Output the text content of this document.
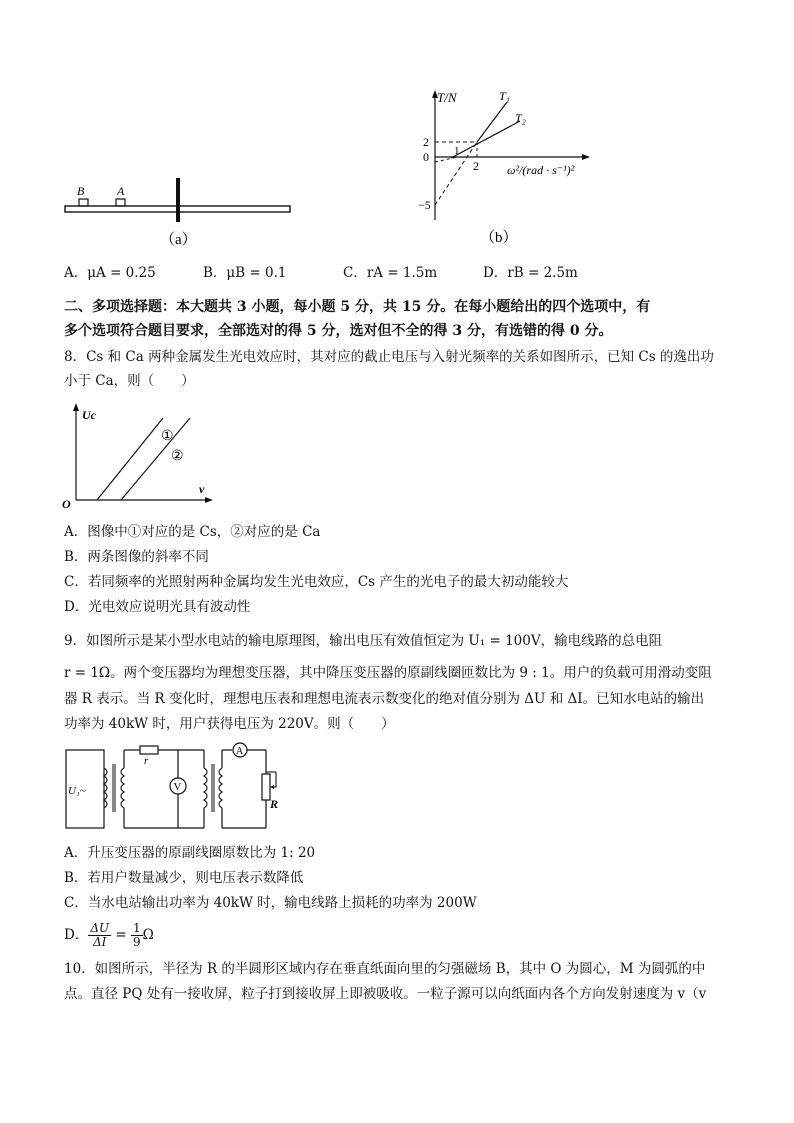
B	A
（a）
T/N	T₁
T₂
2
0
−5
1
2 ω²/(rad · s⁻¹)²
（b）
A．μA = 0.25	B．μB = 0.1	C．rA = 1.5m	D．rB = 2.5m
二、多项选择题：本大题共 3 小题，每小题 5 分，共 15 分。在每小题给出的四个选项中，有
多个选项符合题目要求，全部选对的得 5 分，选对但不全的得 3 分，有选错的得 0 分。
8．Cs 和 Ca 两种金属发生光电效应时，其对应的截止电压与入射光频率的关系如图所示，已知 Cs 的逸出功
小于 Ca，则（　　）
Uc
O
ν
①
②
A．图像中①对应的是 Cs，②对应的是 Ca
B．两条图像的斜率不同
C．若同频率的光照射两种金属均发生光电效应，Cs 产生的光电子的最大初动能较大
D．光电效应说明光具有波动性
9．如图所示是某小型水电站的输电原理图，输出电压有效值恒定为 U₁ = 100V，输电线路的总电阻
r = 1Ω。两个变压器均为理想变压器，其中降压变压器的原副线圈匝数比为 9 : 1。用户的负载可用滑动变阻
器 R 表示。当 R 变化时，理想电压表和理想电流表示数变化的绝对值分别为 ΔU 和 ΔI。已知水电站的输出
功率为 40kW 时，用户获得电压为 220V。则（　　）
U₁~
r
V
A
R
A．升压变压器的原副线圈原数比为 1: 20
B．若用户数量减少，则电压表示数降低
C．当水电站输出功率为 40kW 时，输电线路上损耗的功率为 200W
D． $\frac{\Delta U}{\Delta I} = \frac{1}{9}$ Ω
10．如图所示，半径为 R 的半圆形区域内存在垂直纸面向里的匀强磁场 B，其中 O 为圆心，M 为圆弧的中
点。直径 PQ 处有一接收屏，粒子打到接收屏上即被吸收。一粒子源可以向纸面内各个方向发射速度为 v（v
